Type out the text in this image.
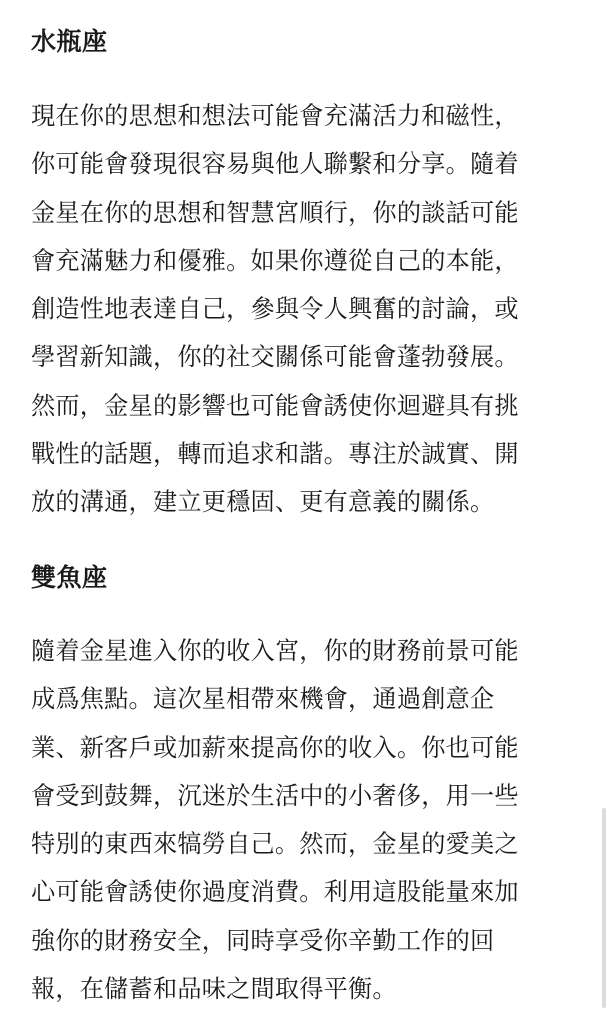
水瓶座

現在你的思想和想法可能會充滿活力和磁性，
你可能會發現很容易與他人聯繫和分享。隨着
金星在你的思想和智慧宮順行，你的談話可能
會充滿魅力和優雅。如果你遵從自己的本能，
創造性地表達自己，參與令人興奮的討論，或
學習新知識，你的社交關係可能會蓬勃發展。
然而，金星的影響也可能會誘使你迴避具有挑
戰性的話題，轉而追求和諧。專注於誠實、開
放的溝通，建立更穩固、更有意義的關係。

雙魚座

隨着金星進入你的收入宮，你的財務前景可能
成爲焦點。這次星相帶來機會，通過創意企
業、新客戶或加薪來提高你的收入。你也可能
會受到鼓舞，沉迷於生活中的小奢侈，用一些
特別的東西來犒勞自己。然而，金星的愛美之
心可能會誘使你過度消費。利用這股能量來加
強你的財務安全，同時享受你辛勤工作的回
報，在儲蓄和品味之間取得平衡。
